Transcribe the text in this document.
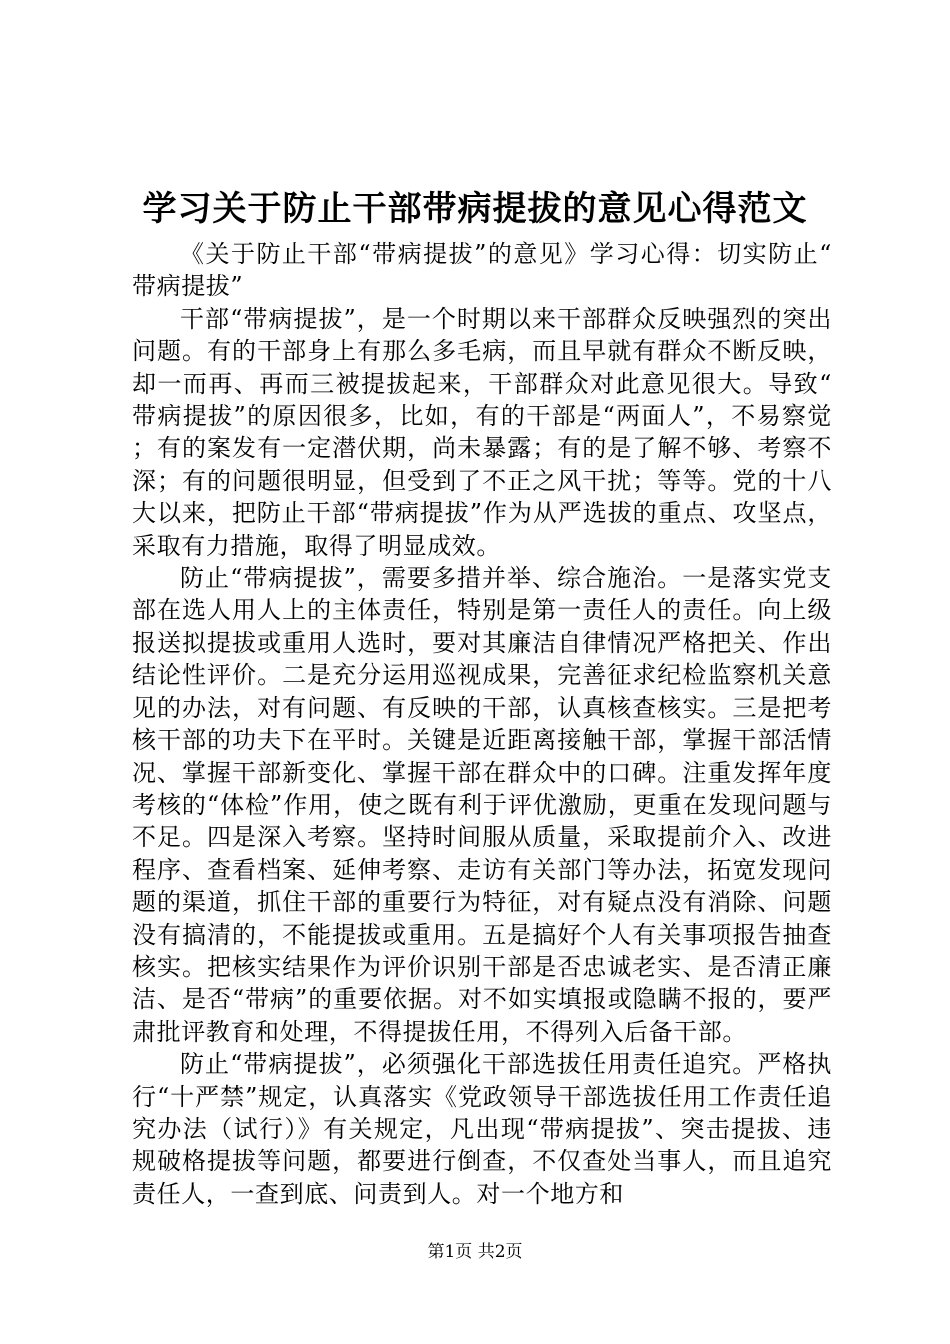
学习关于防止干部带病提拔的意见心得范文

《关于防止干部“带病提拔”的意见》学习心得：切实防止“带病提拔”

干部“带病提拔”，是一个时期以来干部群众反映强烈的突出问题。有的干部身上有那么多毛病，而且早就有群众不断反映，却一而再、再而三被提拔起来，干部群众对此意见很大。导致“带病提拔”的原因很多，比如，有的干部是“两面人”，不易察觉；有的案发有一定潜伏期，尚未暴露；有的是了解不够、考察不深；有的问题很明显，但受到了不正之风干扰；等等。党的十八大以来，把防止干部“带病提拔”作为从严选拔的重点、攻坚点，采取有力措施，取得了明显成效。

防止“带病提拔”，需要多措并举、综合施治。一是落实党支部在选人用人上的主体责任，特别是第一责任人的责任。向上级报送拟提拔或重用人选时，要对其廉洁自律情况严格把关、作出结论性评价。二是充分运用巡视成果，完善征求纪检监察机关意见的办法，对有问题、有反映的干部，认真核查核实。三是把考核干部的功夫下在平时。关键是近距离接触干部，掌握干部活情况、掌握干部新变化、掌握干部在群众中的口碑。注重发挥年度考核的“体检”作用，使之既有利于评优激励，更重在发现问题与不足。四是深入考察。坚持时间服从质量，采取提前介入、改进程序、查看档案、延伸考察、走访有关部门等办法，拓宽发现问题的渠道，抓住干部的重要行为特征，对有疑点没有消除、问题没有搞清的，不能提拔或重用。五是搞好个人有关事项报告抽查核实。把核实结果作为评价识别干部是否忠诚老实、是否清正廉洁、是否“带病”的重要依据。对不如实填报或隐瞒不报的，要严肃批评教育和处理，不得提拔任用，不得列入后备干部。

防止“带病提拔”，必须强化干部选拔任用责任追究。严格执行“十严禁”规定，认真落实《党政领导干部选拔任用工作责任追究办法（试行）》有关规定，凡出现“带病提拔”、突击提拔、违规破格提拔等问题，都要进行倒查，不仅查处当事人，而且追究责任人，一查到底、问责到人。对一个地方和

第1页 共2页
